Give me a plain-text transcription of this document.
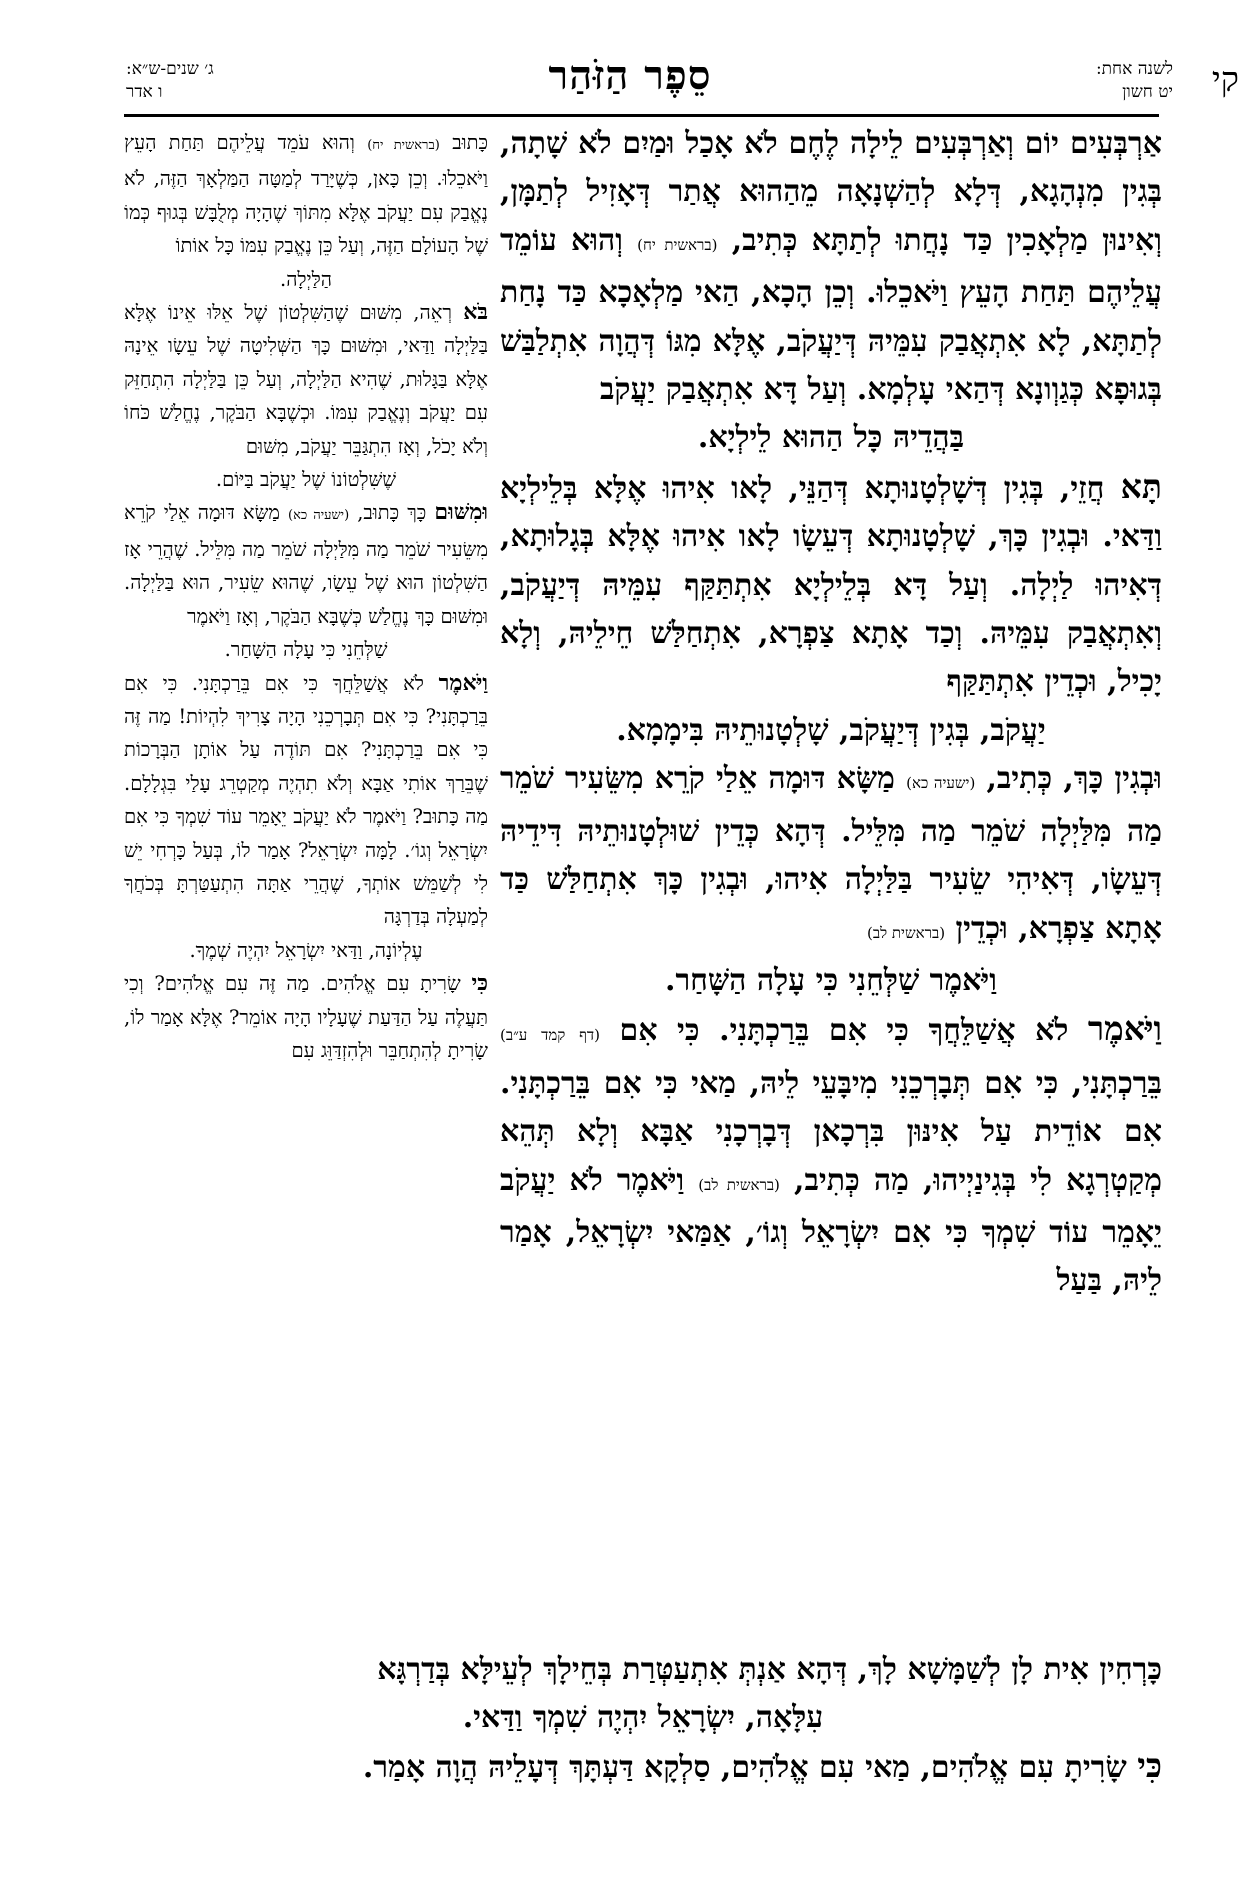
קי
לשנה אחת:
יט חשון
סֵפֶר הַזֹּהַר
ג׳ שנים-ש״א:
ו אדר

אַרְבְּעִים יוֹם וְאַרְבְּעִים לֵילָה לֶחֶם לֹא אָכַל וּמַיִם לֹא שָׁתָה, בְּגִין מִנְהָגָא, דְּלָא לְהַשְׁנָאָה מֵהַהוּא אֲתַר דְּאָזִיל לְתַמָּן, וְאִינוּן מַלְאָכִין כַּד נָחֲתוּ לְתַתָּא כְּתִיב, (בראשית יח) וְהוּא עוֹמֵד עֲלֵיהֶם תַּחַת הָעֵץ וַיֹּאכֵלוּ. וְכֵן הָכָא, הַאי מַלְאָכָא כַּד נָחַת לְתַתָּא, לָא אִתְאֲבַק עִמֵּיהּ דְּיַעֲקֹב, אֶלָּא מִגּוֹ דְּהֲוָה אִתְלַבַּשׁ בְּגוּפָא כְּגַוְונָא דְּהַאי עָלְמָא. וְעַל דָּא אִתְאֲבַק יַעֲקֹב

בַּהֲדֵיהּ כָּל הַהוּא לֵילְיָא.

תָּא חֲזֵי, בְּגִין דְּשָׁלְטָנוּתָא דְּהַנֵּי, לָאו אִיהוּ אֶלָּא בְּלֵילְיָא וַדַּאי. וּבְגִין כָּךְ, שָׁלְטָנוּתָא דְּעֵשָׂו לָאו אִיהוּ אֶלָּא בְּגָלוּתָא, דְּאִיהוּ לַיְלָה. וְעַל דָּא בְּלֵילְיָא אִתְתַּקַּף עִמֵּיהּ דְּיַעֲקֹב, וְאִתְאֲבַק עִמֵּיהּ. וְכַד אָתָא צַפְרָא, אִתְחַלַּשׁ חֵילֵיהּ, וְלָא יָכִיל, וּכְדֵין אִתְתַּקַּף

יַעֲקֹב, בְּגִין דְּיַעֲקֹב, שָׁלְטָנוּתֵיהּ בִּימָמָא.

וּבְגִין כָּךְ, כְּתִיב, (ישעיה כא) מַשָּׂא דּוּמָה אֵלַי קֹרֵא מִשֵּׂעִיר שֹׁמֵר מַה מִּלַּיְלָה שֹׁמֵר מַה מִּלֵּיל. דְּהָא כְּדֵין שׁוּלְטָנוּתֵיהּ דִּידֵיהּ דְּעֵשָׂו, דְּאִיהִי שֵׂעִיר בַּלַּיְלָה אִיהוּ, וּבְגִין כָּךְ אִתְחַלַּשׁ כַּד אָתָא צַפְרָא, וּכְדֵין (בראשית לב)

וַיֹּאמֶר שַׁלְּחֵנִי כִּי עָלָה הַשָּׁחַר.

וַיֹּאמֶר לֹא אֲשַׁלֵּחֲךָ כִּי אִם בֵּרַכְתָּנִי. כִּי אִם (דף קמד ע״ב) בֵּרַכְתָּנִי, כִּי אִם תְּבָרְכֵנִי מִיבָּעֵי לֵיהּ, מַאי כִּי אִם בֵּרַכְתָּנִי. אִם אוֹדֵית עַל אִינּוּן בִּרְכָאן דְּבָרְכָנִי אַבָּא וְלָא תְּהֵא מְקַטְרְגָא לִי בְּגִינַיְיהוּ, מַה כְּתִיב, (בראשית לב) וַיֹּאמֶר לֹא יַעֲקֹב יֵאָמֵר עוֹד שִׁמְךָ כִּי אִם יִשְׂרָאֵל וְגוֹ׳, אַמַּאי יִשְׂרָאֵל, אָמַר לֵיהּ, בַּעַל

כָּתוּב (בראשית יח) וְהוּא עֹמֵד עֲלֵיהֶם תַּחַת הָעֵץ וַיֹּאכֵלוּ. וְכֵן כָּאן, כְּשֶׁיָּרַד לְמַטָּה הַמַּלְאָךְ הַזֶּה, לֹא נֶאֱבַק עִם יַעֲקֹב אֶלָּא מִתּוֹךְ שֶׁהָיָה מְלֻבָּשׁ בְּגוּף כְּמוֹ שֶׁל הָעוֹלָם הַזֶּה, וְעַל כֵּן נֶאֱבַק עִמּוֹ כָּל אוֹתוֹ

הַלַּיְלָה.

בֹּא רְאֵה, מִשּׁוּם שֶׁהַשִּׁלְטוֹן שֶׁל אֵלּוּ אֵינוֹ אֶלָּא בַּלַּיְלָה וַדַּאי, וּמִשּׁוּם כָּךְ הַשְּׁלִיטָה שֶׁל עֵשָׂו אֵינָהּ אֶלָּא בַּגָּלוּת, שֶׁהִיא הַלַּיְלָה, וְעַל כֵּן בַּלַּיְלָה הִתְחַזֵּק עִם יַעֲקֹב וְנֶאֱבַק עִמּוֹ. וּכְשֶׁבָּא הַבֹּקֶר, נֶחֱלַשׁ כֹּחוֹ וְלֹא יָכֹל, וְאָז הִתְגַּבֵּר יַעֲקֹב, מִשּׁוּם

שֶׁשִּׁלְטוֹנוֹ שֶׁל יַעֲקֹב בַּיּוֹם.

וּמִשּׁוּם כָּךְ כָּתוּב, (ישעיה כא) מַשָּׂא דּוּמָה אֵלַי קֹרֵא מִשֵּׂעִיר שֹׁמֵר מַה מִּלַּיְלָה שֹׁמֵר מַה מִּלֵּיל. שֶׁהֲרֵי אָז הַשִּׁלְטוֹן הוּא שֶׁל עֵשָׂו, שֶׁהוּא שֵׂעִיר, הוּא בַּלַּיְלָה. וּמִשּׁוּם כָּךְ נֶחֱלַשׁ כְּשֶׁבָּא הַבֹּקֶר, וְאָז וַיֹּאמֶר

שַׁלְּחֵנִי כִּי עָלָה הַשָּׁחַר.

וַיֹּאמֶר לֹא אֲשַׁלֵּחֲךָ כִּי אִם בֵּרַכְתָּנִי. כִּי אִם בֵּרַכְתָּנִי? כִּי אִם תְּבָרְכֵנִי הָיָה צָרִיךְ לִהְיוֹת! מַה זֶּה כִּי אִם בֵּרַכְתָּנִי? אִם תּוֹדֶה עַל אוֹתָן הַבְּרָכוֹת שֶׁבֵּרַךְ אוֹתִי אַבָּא וְלֹא תִהְיֶה מְקַטְרֵג עָלַי בִּגְלָלָם. מַה כָּתוּב? וַיֹּאמֶר לֹא יַעֲקֹב יֵאָמֵר עוֹד שִׁמְךָ כִּי אִם יִשְׂרָאֵל וְגוֹ׳. לָמָּה יִשְׂרָאֵל? אָמַר לוֹ, בְּעַל כָּרְחִי יֵשׁ לִי לְשַׁמֵּשׁ אוֹתְךָ, שֶׁהֲרֵי אַתָּה הִתְעַטַּרְתָּ בְּכֹחֲךָ לְמַעְלָה בְּדַרְגָּה

עֶלְיוֹנָה, וַדַּאי יִשְׂרָאֵל יִהְיֶה שְׁמֶךָ.

כִּי שָׂרִיתָ עִם אֱלֹהִים. מַה זֶּה עִם אֱלֹהִים? וְכִי תַּעֲלֶה עַל הַדַּעַת שֶׁעָלָיו הָיָה אוֹמֵר? אֶלָּא אָמַר לוֹ, שָׂרִיתָ לְהִתְחַבֵּר וּלְהִזְדַּוֵּג עִם

כָּרְחִין אִית לָן לְשַׁמָּשָׁא לָךְ, דְּהָא אַנְתְּ אִתְעַטְּרַת בְּחֵילָךְ לְעֵילָּא בְּדַרְגָּא

עִלָּאָה, יִשְׂרָאֵל יִהְיֶה שִׁמְךָ וַדַּאי.

כִּי שָׂרִיתָ עִם אֱלֹהִים, מַאי עִם אֱלֹהִים, סַלְקָא דַּעְתָּךְ דְּעָלֵיהּ הֲוָה אָמַר.
